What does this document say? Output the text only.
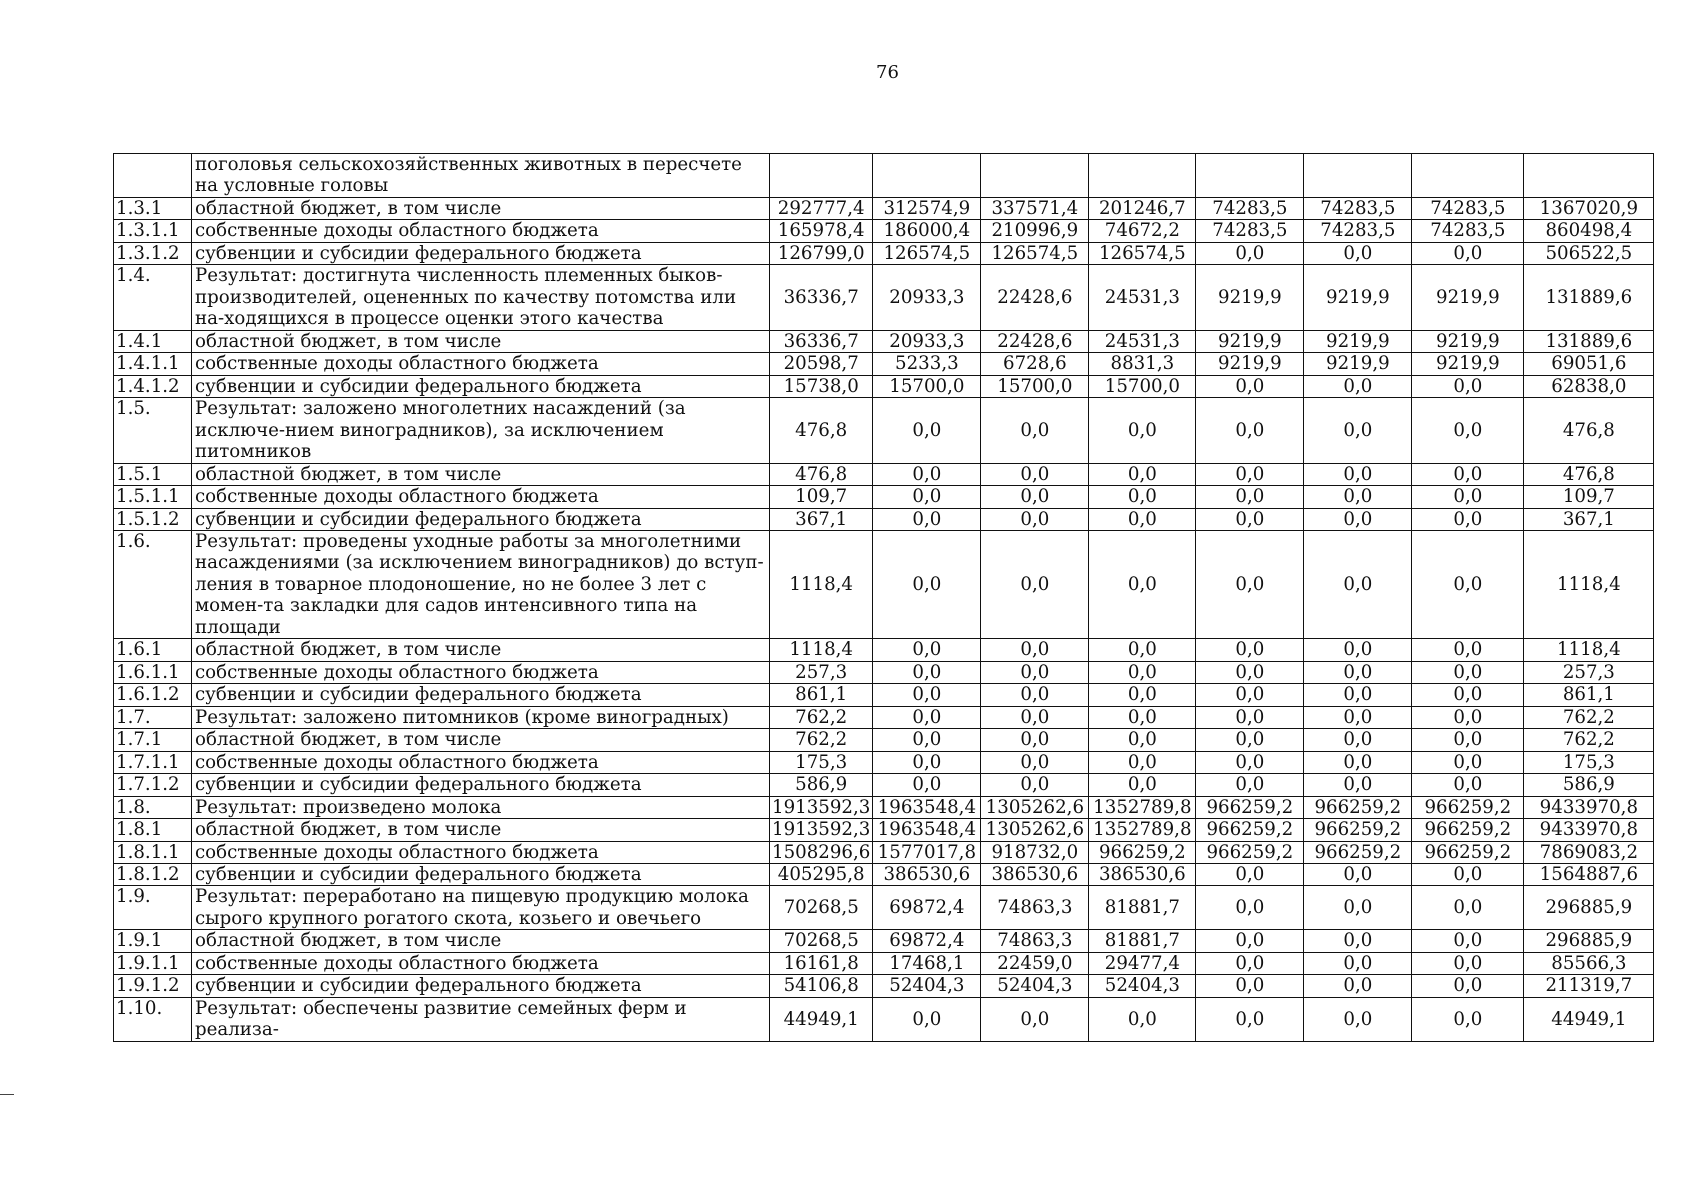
76
	поголовья сельскохозяйственных животных в пересчете на условные головы								
1.3.1	областной бюджет, в том числе	292777,4	312574,9	337571,4	201246,7	74283,5	74283,5	74283,5	1367020,9
1.3.1.1	собственные доходы областного бюджета	165978,4	186000,4	210996,9	74672,2	74283,5	74283,5	74283,5	860498,4
1.3.1.2	субвенции и субсидии федерального бюджета	126799,0	126574,5	126574,5	126574,5	0,0	0,0	0,0	506522,5
1.4.	Результат: достигнута численность племенных быков-производителей, оцененных по качеству потомства или на-ходящихся в процессе оценки этого качества	36336,7	20933,3	22428,6	24531,3	9219,9	9219,9	9219,9	131889,6
1.4.1	областной бюджет, в том числе	36336,7	20933,3	22428,6	24531,3	9219,9	9219,9	9219,9	131889,6
1.4.1.1	собственные доходы областного бюджета	20598,7	5233,3	6728,6	8831,3	9219,9	9219,9	9219,9	69051,6
1.4.1.2	субвенции и субсидии федерального бюджета	15738,0	15700,0	15700,0	15700,0	0,0	0,0	0,0	62838,0
1.5.	Результат: заложено многолетних насаждений (за исключе-нием виноградников), за исключением питомников	476,8	0,0	0,0	0,0	0,0	0,0	0,0	476,8
1.5.1	областной бюджет, в том числе	476,8	0,0	0,0	0,0	0,0	0,0	0,0	476,8
1.5.1.1	собственные доходы областного бюджета	109,7	0,0	0,0	0,0	0,0	0,0	0,0	109,7
1.5.1.2	субвенции и субсидии федерального бюджета	367,1	0,0	0,0	0,0	0,0	0,0	0,0	367,1
1.6.	Результат: проведены уходные работы за многолетними насаждениями (за исключением виноградников) до вступ-ления в товарное плодоношение, но не более 3 лет с момен-та закладки для садов интенсивного типа на площади	1118,4	0,0	0,0	0,0	0,0	0,0	0,0	1118,4
1.6.1	областной бюджет, в том числе	1118,4	0,0	0,0	0,0	0,0	0,0	0,0	1118,4
1.6.1.1	собственные доходы областного бюджета	257,3	0,0	0,0	0,0	0,0	0,0	0,0	257,3
1.6.1.2	субвенции и субсидии федерального бюджета	861,1	0,0	0,0	0,0	0,0	0,0	0,0	861,1
1.7.	Результат: заложено питомников (кроме виноградных)	762,2	0,0	0,0	0,0	0,0	0,0	0,0	762,2
1.7.1	областной бюджет, в том числе	762,2	0,0	0,0	0,0	0,0	0,0	0,0	762,2
1.7.1.1	собственные доходы областного бюджета	175,3	0,0	0,0	0,0	0,0	0,0	0,0	175,3
1.7.1.2	субвенции и субсидии федерального бюджета	586,9	0,0	0,0	0,0	0,0	0,0	0,0	586,9
1.8.	Результат: произведено молока	1913592,3	1963548,4	1305262,6	1352789,8	966259,2	966259,2	966259,2	9433970,8
1.8.1	областной бюджет, в том числе	1913592,3	1963548,4	1305262,6	1352789,8	966259,2	966259,2	966259,2	9433970,8
1.8.1.1	собственные доходы областного бюджета	1508296,6	1577017,8	918732,0	966259,2	966259,2	966259,2	966259,2	7869083,2
1.8.1.2	субвенции и субсидии федерального бюджета	405295,8	386530,6	386530,6	386530,6	0,0	0,0	0,0	1564887,6
1.9.	Результат: переработано на пищевую продукцию молока сырого крупного рогатого скота, козьего и овечьего	70268,5	69872,4	74863,3	81881,7	0,0	0,0	0,0	296885,9
1.9.1	областной бюджет, в том числе	70268,5	69872,4	74863,3	81881,7	0,0	0,0	0,0	296885,9
1.9.1.1	собственные доходы областного бюджета	16161,8	17468,1	22459,0	29477,4	0,0	0,0	0,0	85566,3
1.9.1.2	субвенции и субсидии федерального бюджета	54106,8	52404,3	52404,3	52404,3	0,0	0,0	0,0	211319,7
1.10.	Результат: обеспечены развитие семейных ферм и реализа-	44949,1	0,0	0,0	0,0	0,0	0,0	0,0	44949,1
